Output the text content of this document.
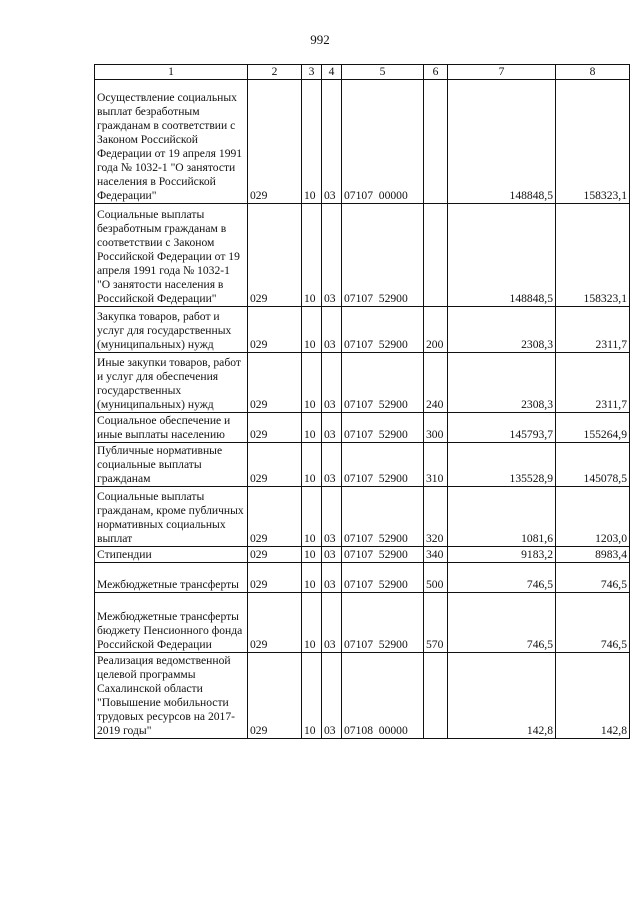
992
1	2	3	4	5	6	7	8
Осуществление социальных выплат безработным гражданам в соответствии с Законом Российской Федерации от 19 апреля 1991 года № 1032-1 "О занятости населения в Российской Федерации"	029	10	03	07107  00000		148848,5	158323,1
Социальные выплаты безработным гражданам в соответствии с Законом Российской Федерации от 19 апреля 1991 года № 1032-1 "О занятости населения в Российской Федерации"	029	10	03	07107  52900		148848,5	158323,1
Закупка товаров, работ и услуг для государственных (муниципальных) нужд	029	10	03	07107  52900	200	2308,3	2311,7
Иные закупки товаров, работ и услуг для обеспечения государственных (муниципальных) нужд	029	10	03	07107  52900	240	2308,3	2311,7
Социальное обеспечение и иные выплаты населению	029	10	03	07107  52900	300	145793,7	155264,9
Публичные нормативные социальные выплаты гражданам	029	10	03	07107  52900	310	135528,9	145078,5
Социальные выплаты гражданам, кроме публичных нормативных социальных выплат	029	10	03	07107  52900	320	1081,6	1203,0
Стипендии	029	10	03	07107  52900	340	9183,2	8983,4
Межбюджетные трансферты	029	10	03	07107  52900	500	746,5	746,5
Межбюджетные трансферты бюджету Пенсионного фонда Российской Федерации	029	10	03	07107  52900	570	746,5	746,5
Реализация ведомственной целевой программы Сахалинской области "Повышение мобильности трудовых ресурсов на 2017-2019 годы"	029	10	03	07108  00000		142,8	142,8
